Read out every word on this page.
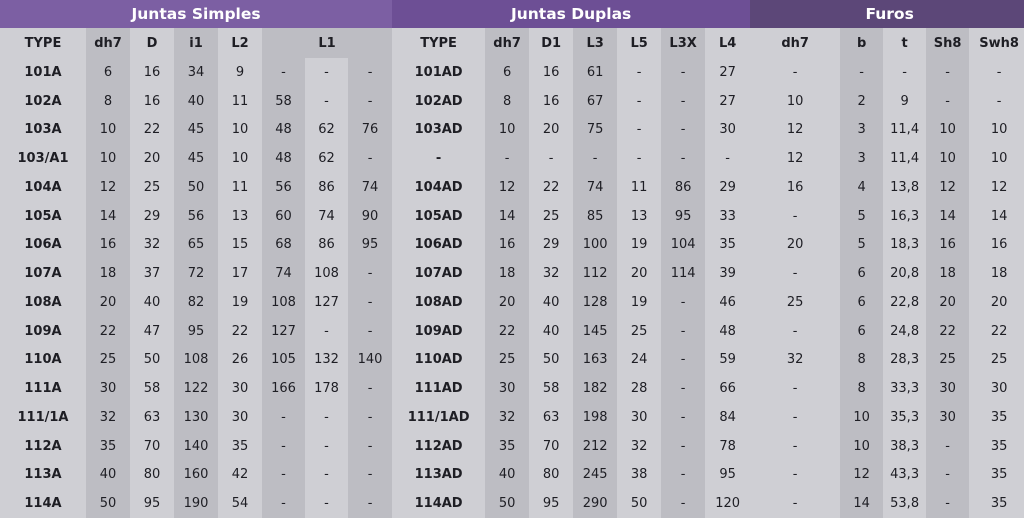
Juntas Simples								Juntas Duplas							Furos				
TYPE	dh7	D	i1	L2	L1			TYPE	dh7	D1	L3	L5	L3X	L4	dh7	b	t	Sh8	Swh8
101A	6	16	34	9	-	-	-	101AD	6	16	61	-	-	27	-	-	-	-	-
102A	8	16	40	11	58	-	-	102AD	8	16	67	-	-	27	10	2	9	-	-
103A	10	22	45	10	48	62	76	103AD	10	20	75	-	-	30	12	3	11,4	10	10
103/A1	10	20	45	10	48	62	-	-	-	-	-	-	-	-	12	3	11,4	10	10
104A	12	25	50	11	56	86	74	104AD	12	22	74	11	86	29	16	4	13,8	12	12
105A	14	29	56	13	60	74	90	105AD	14	25	85	13	95	33	-	5	16,3	14	14
106A	16	32	65	15	68	86	95	106AD	16	29	100	19	104	35	20	5	18,3	16	16
107A	18	37	72	17	74	108	-	107AD	18	32	112	20	114	39	-	6	20,8	18	18
108A	20	40	82	19	108	127	-	108AD	20	40	128	19	-	46	25	6	22,8	20	20
109A	22	47	95	22	127	-	-	109AD	22	40	145	25	-	48	-	6	24,8	22	22
110A	25	50	108	26	105	132	140	110AD	25	50	163	24	-	59	32	8	28,3	25	25
111A	30	58	122	30	166	178	-	111AD	30	58	182	28	-	66	-	8	33,3	30	30
111/1A	32	63	130	30	-	-	-	111/1AD	32	63	198	30	-	84	-	10	35,3	30	35
112A	35	70	140	35	-	-	-	112AD	35	70	212	32	-	78	-	10	38,3	-	35
113A	40	80	160	42	-	-	-	113AD	40	80	245	38	-	95	-	12	43,3	-	35
114A	50	95	190	54	-	-	-	114AD	50	95	290	50	-	120	-	14	53,8	-	35
